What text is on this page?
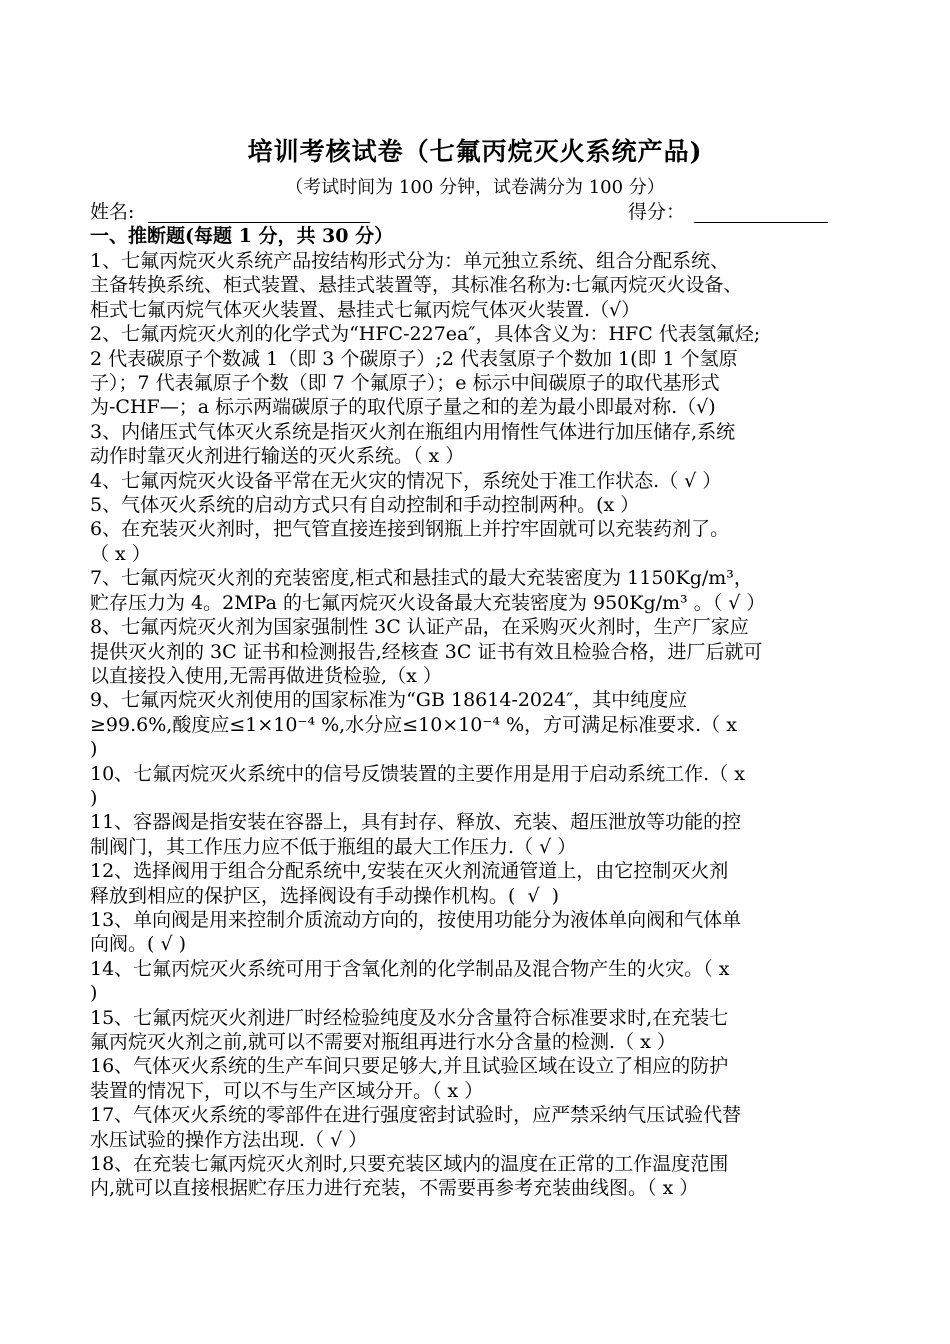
培训考核试卷（七氟丙烷灭火系统产品)
（考试时间为 100 分钟，试卷满分为 100 分）
姓名:	得分：
一、推断题(每题 1 分，共 30 分）
1、七氟丙烷灭火系统产品按结构形式分为：单元独立系统、组合分配系统、
主备转换系统、柜式装置、悬挂式装置等，其标准名称为:七氟丙烷灭火设备、
柜式七氟丙烷气体灭火装置、悬挂式七氟丙烷气体灭火装置.（√）
2、七氟丙烷灭火剂的化学式为“HFC-227ea″，具体含义为：HFC 代表氢氟烃;
2 代表碳原子个数减 1（即 3 个碳原子）;2 代表氢原子个数加 1(即 1 个氢原
子）；7 代表氟原子个数（即 7 个氟原子）；e 标示中间碳原子的取代基形式
为-CHF—；a 标示两端碳原子的取代原子量之和的差为最小即最对称.（√)
3、内储压式气体灭火系统是指灭火剂在瓶组内用惰性气体进行加压储存,系统
动作时靠灭火剂进行输送的灭火系统。（ x ）
4、七氟丙烷灭火设备平常在无火灾的情况下，系统处于准工作状态.（ √ ）
5、气体灭火系统的启动方式只有自动控制和手动控制两种。(x ）
6、在充装灭火剂时，把气管直接连接到钢瓶上并拧牢固就可以充装药剂了。
（ x ）
7、七氟丙烷灭火剂的充装密度,柜式和悬挂式的最大充装密度为 1150Kg/m³，
贮存压力为 4。2MPa 的七氟丙烷灭火设备最大充装密度为 950Kg/m³ 。（ √ ）
8、七氟丙烷灭火剂为国家强制性 3C 认证产品，在采购灭火剂时，生产厂家应
提供灭火剂的 3C 证书和检测报告,经核查 3C 证书有效且检验合格，进厂后就可
以直接投入使用,无需再做进货检验,（x ）
9、七氟丙烷灭火剂使用的国家标准为“GB 18614-2024″，其中纯度应
≥99.6%,酸度应≤1×10⁻⁴ %,水分应≤10×10⁻⁴ %，方可满足标准要求.（ x
)
10、七氟丙烷灭火系统中的信号反馈装置的主要作用是用于启动系统工作.（ x
)
11、容器阀是指安装在容器上，具有封存、释放、充装、超压泄放等功能的控
制阀门，其工作压力应不低于瓶组的最大工作压力.（ √ ）
12、选择阀用于组合分配系统中,安装在灭火剂流通管道上，由它控制灭火剂
释放到相应的保护区，选择阀设有手动操作机构。(  √  )
13、单向阀是用来控制介质流动方向的，按使用功能分为液体单向阀和气体单
向阀。( √ )
14、七氟丙烷灭火系统可用于含氧化剂的化学制品及混合物产生的火灾。（ x
)
15、七氟丙烷灭火剂进厂时经检验纯度及水分含量符合标准要求时,在充装七
氟丙烷灭火剂之前,就可以不需要对瓶组再进行水分含量的检测.（ x ）
16、气体灭火系统的生产车间只要足够大,并且试验区域在设立了相应的防护
装置的情况下，可以不与生产区域分开。（ x ）
17、气体灭火系统的零部件在进行强度密封试验时，应严禁采纳气压试验代替
水压试验的操作方法出现.（ √ ）
18、在充装七氟丙烷灭火剂时,只要充装区域内的温度在正常的工作温度范围
内,就可以直接根据贮存压力进行充装，不需要再参考充装曲线图。（ x ）
